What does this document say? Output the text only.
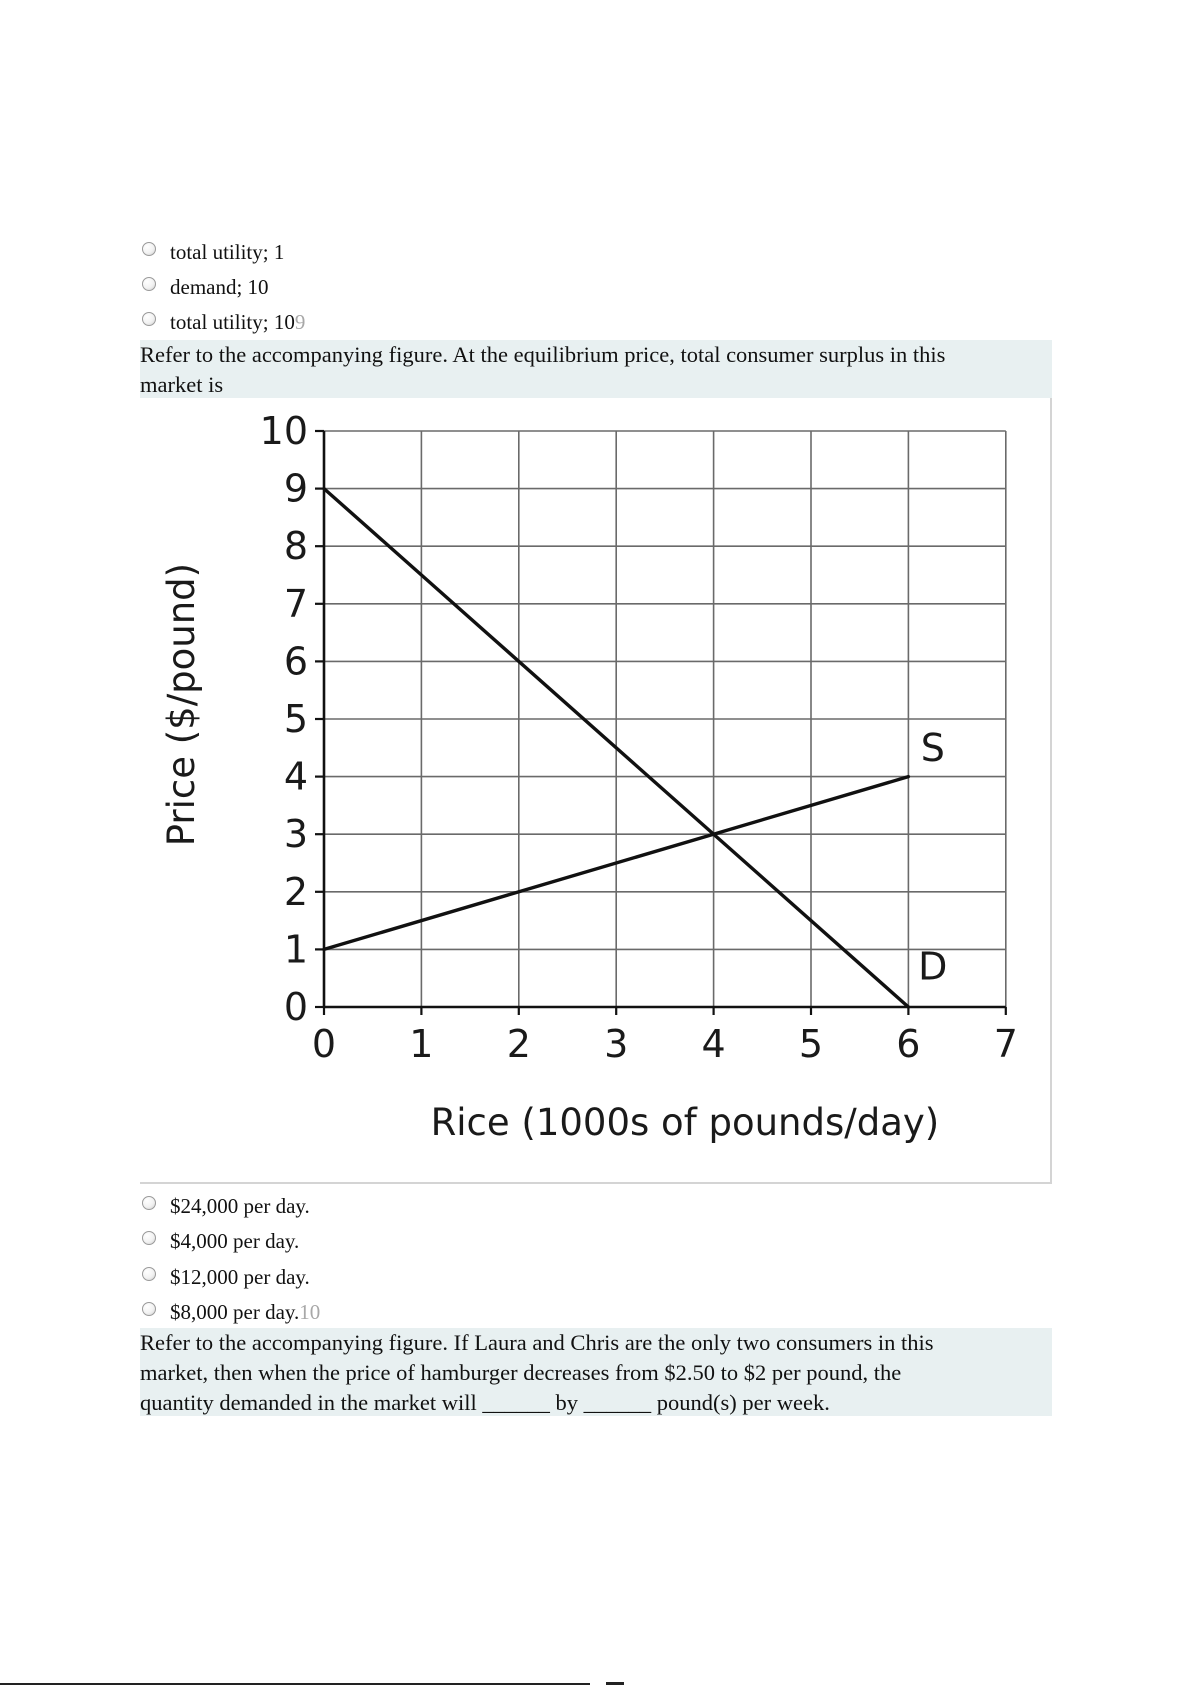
total utility; 1
demand; 10
total utility; 10 9
Refer to the accompanying figure. At the equilibrium price, total consumer surplus in this
market is
0
1
2
3
4
5
6
7
8
9
10
0 1 2 3 4 5 6 7
S
D
Rice (1000s of pounds/day)
Price ($/pound)
$24,000 per day.
$4,000 per day.
$12,000 per day.
$8,000 per day. 10
Refer to the accompanying figure. If Laura and Chris are the only two consumers in this
market, then when the price of hamburger decreases from $2.50 to $2 per pound, the
quantity demanded in the market will ______ by ______ pound(s) per week.
